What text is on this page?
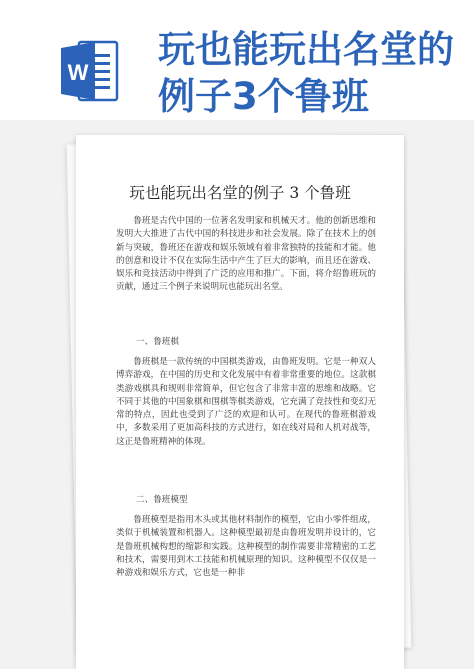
W
玩也能玩出名堂的
例子3个鲁班
玩也能玩出名堂的例子 3 个鲁班

鲁班是古代中国的一位著名发明家和机械天才。他的创新思维和发明大大推进了古代中国的科技进步和社会发展。除了在技术上的创新与突破，鲁班还在游戏和娱乐领域有着非常独特的技能和才能。他的创意和设计不仅在实际生活中产生了巨大的影响，而且还在游戏、娱乐和竞技活动中得到了广泛的应用和推广。下面，将介绍鲁班玩的贡献，通过三个例子来说明玩也能玩出名堂。

一、鲁班棋

鲁班棋是一款传统的中国棋类游戏，由鲁班发明。它是一种双人博弈游戏，在中国的历史和文化发展中有着非常重要的地位。这款棋类游戏棋具和规则非常简单，但它包含了非常丰富的思维和战略。它不同于其他的中国象棋和围棋等棋类游戏，它充满了竞技性和变幻无常的特点，因此也受到了广泛的欢迎和认可。在现代的鲁班棋游戏中，多数采用了更加高科技的方式进行，如在线对局和人机对战等，这正是鲁班精神的体现。

二、鲁班模型

鲁班模型是指用木头或其他材料制作的模型，它由小零件组成，类似于机械装置和机器人。这种模型最初是由鲁班发明并设计的，它是鲁班机械构想的缩影和实践。这种模型的制作需要非常精密的工艺和技术，需要用到木工技能和机械原理的知识。这种模型不仅仅是一种游戏和娱乐方式，它也是一种非
